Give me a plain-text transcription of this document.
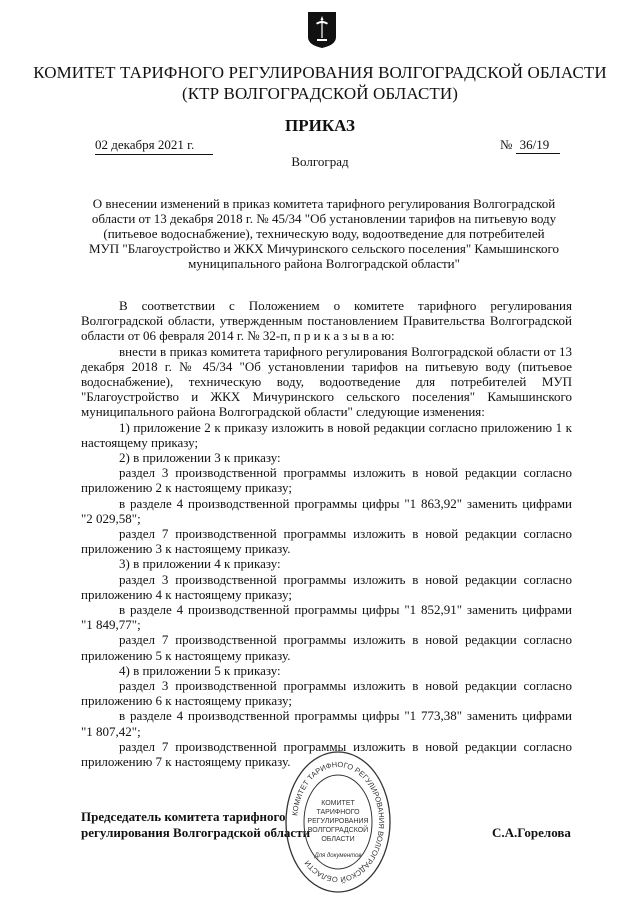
КОМИТЕТ ТАРИФНОГО РЕГУЛИРОВАНИЯ ВОЛГОГРАДСКОЙ ОБЛАСТИ
(КТР ВОЛГОГРАДСКОЙ ОБЛАСТИ)
ПРИКАЗ
02 декабря 2021 г.	№ 36/19
Волгоград
О внесении изменений в приказ комитета тарифного регулирования Волгоградской
области от 13 декабря 2018 г. № 45/34 "Об установлении тарифов на питьевую воду
(питьевое водоснабжение), техническую воду, водоотведение для потребителей
МУП "Благоустройство и ЖКХ Мичуринского сельского поселения" Камышинского
муниципального района Волгоградской области"

В соответствии с Положением о комитете тарифного регулирования Волгоградской области, утвержденным постановлением Правительства Волгоградской области от 06 февраля 2014 г. № 32-п, п р и к а з ы в а ю:

внести в приказ комитета тарифного регулирования Волгоградской области от 13 декабря 2018 г. № 45/34 "Об установлении тарифов на питьевую воду (питьевое водоснабжение), техническую воду, водоотведение для потребителей МУП "Благоустройство и ЖКХ Мичуринского сельского поселения" Камышинского муниципального района Волгоградской области" следующие изменения:

1) приложение 2 к приказу изложить в новой редакции согласно приложению 1 к настоящему приказу;

2) в приложении 3 к приказу:

раздел 3 производственной программы изложить в новой редакции согласно приложению 2 к настоящему приказу;

в разделе 4 производственной программы цифры "1 863,92" заменить цифрами "2 029,58";

раздел 7 производственной программы изложить в новой редакции согласно приложению 3 к настоящему приказу.

3) в приложении 4 к приказу:

раздел 3 производственной программы изложить в новой редакции согласно приложению 4 к настоящему приказу;

в разделе 4 производственной программы цифры "1 852,91" заменить цифрами "1 849,77";

раздел 7 производственной программы изложить в новой редакции согласно приложению 5 к настоящему приказу.

4) в приложении 5 к приказу:

раздел 3 производственной программы изложить в новой редакции согласно приложению 6 к настоящему приказу;

в разделе 4 производственной программы цифры "1 773,38" заменить цифрами "1 807,42";

раздел 7 производственной программы изложить в новой редакции согласно приложению 7 к настоящему приказу.

Председатель комитета тарифного
регулирования Волгоградской области	С.А.Горелова
КОМИТЕТ ТАРИФНОГО РЕГУЛИРОВАНИЯ ВОЛГОГРАДСКОЙ ОБЛАСТИ
КОМИТЕТ
ТАРИФНОГО
РЕГУЛИРОВАНИЯ
ВОЛГОГРАДСКОЙ
ОБЛАСТИ
Для документов
